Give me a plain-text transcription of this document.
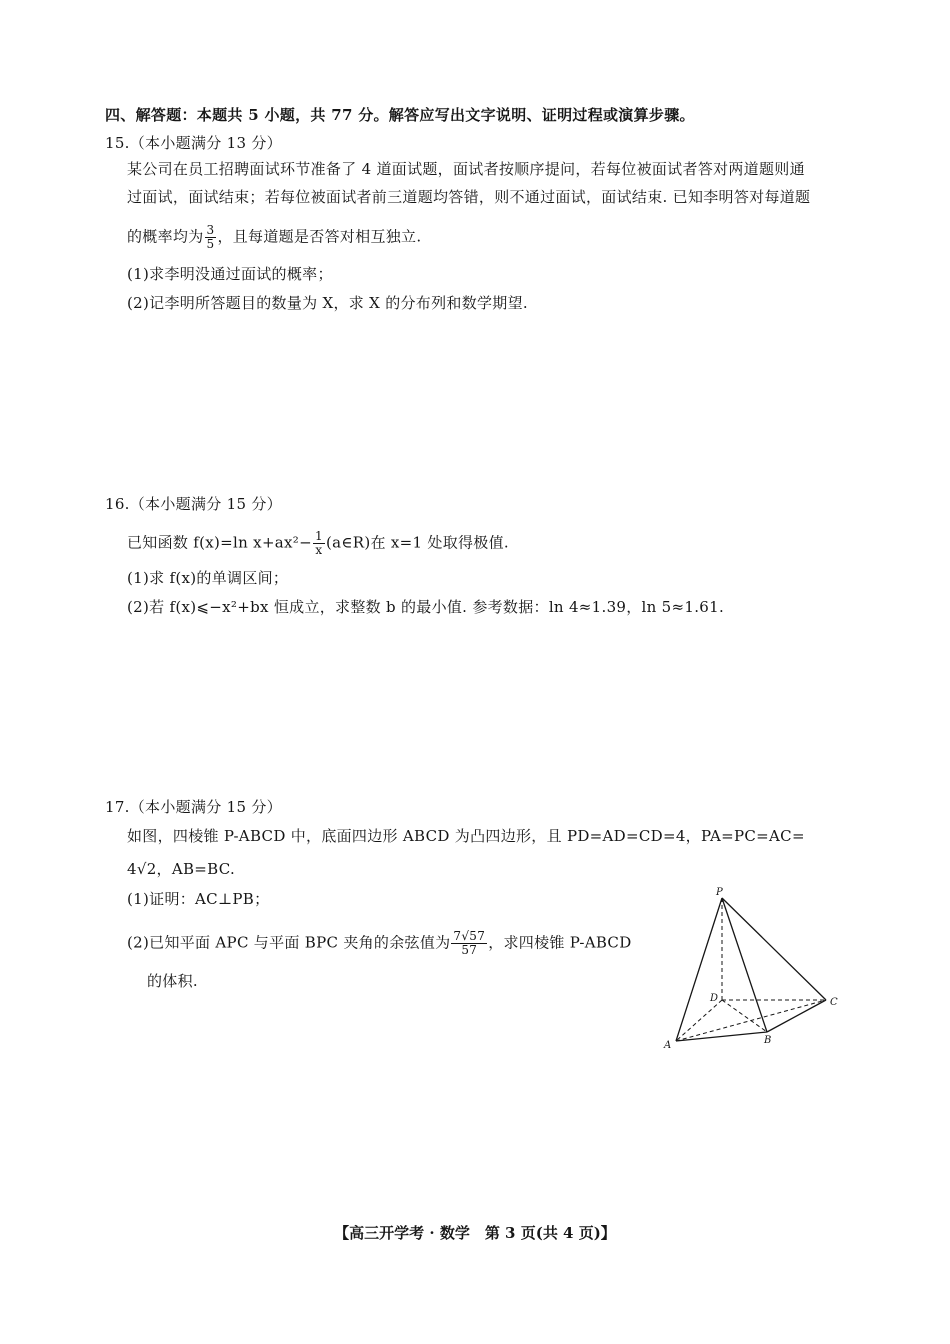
四、解答题：本题共 5 小题，共 77 分。解答应写出文字说明、证明过程或演算步骤。
15.（本小题满分 13 分）
某公司在员工招聘面试环节准备了 4 道面试题，面试者按顺序提问，若每位被面试者答对两道题则通
过面试，面试结束；若每位被面试者前三道题均答错，则不通过面试，面试结束. 已知李明答对每道题
的概率均为 $\frac{3}{5}$ ，且每道题是否答对相互独立.
(1)求李明没通过面试的概率；
(2)记李明所答题目的数量为 X，求 X 的分布列和数学期望.
16.（本小题满分 15 分）
已知函数 f(x)=ln $x+ax^2- \frac{1}{x}$ (a∈R)在 x=1 处取得极值.
(1)求 f(x)的单调区间；
(2)若 f(x)⩽−x²+bx 恒成立，求整数 b 的最小值. 参考数据：ln 4≈1.39，ln 5≈1.61.
17.（本小题满分 15 分）
如图，四棱锥 P-ABCD 中，底面四边形 ABCD 为凸四边形，且 PD=AD=CD=4，PA=PC=AC=
4√2，AB=BC.
(1)证明：AC⊥PB；
(2)已知平面 APC 与平面 BPC 夹角的余弦值为 $\frac{7√57}{57}$ ，求四棱锥 P-ABCD
的体积.
P
A	B
C
D
【高三开学考 · 数学　第 3 页(共 4 页)】
